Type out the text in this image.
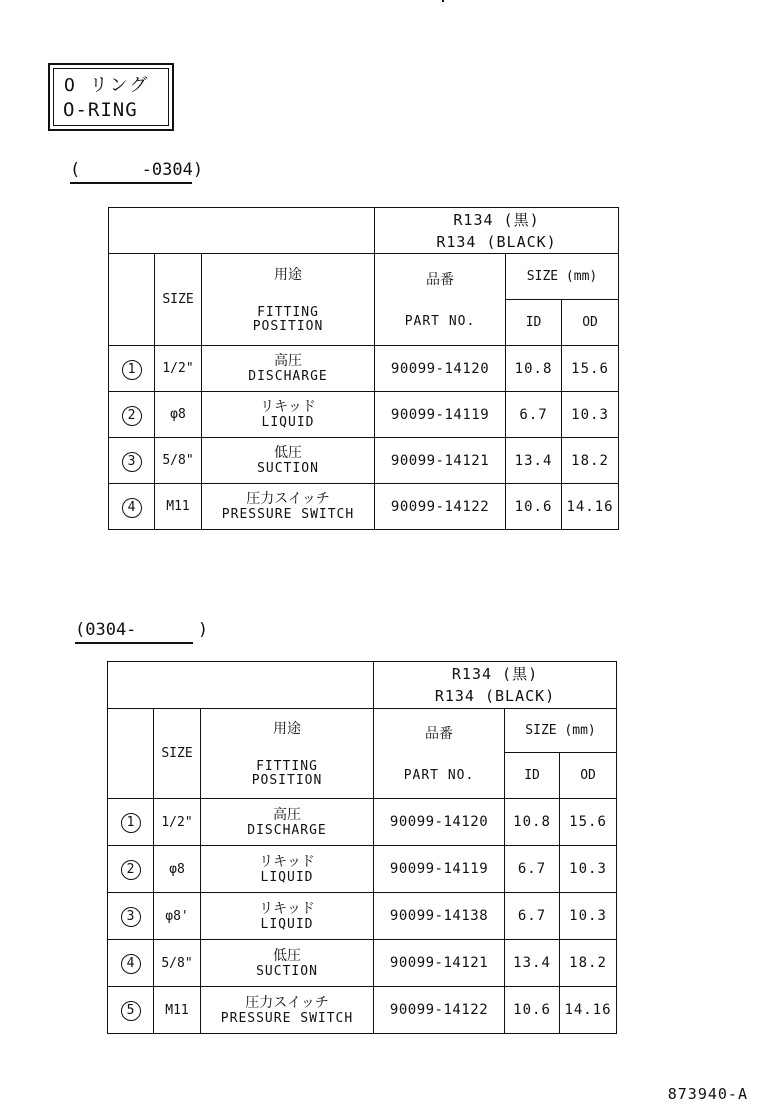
O リング
O-RING
(      -0304)

			R134 (黒)
R134 (BLACK)		

	SIZE	用途
FITTING
POSITION	品番
PART NO.	SIZE (mm)	
				ID	OD
1	1/2"	高圧
DISCHARGE	90099-14120	10.8	15.6
2	φ8	リキッド
LIQUID	90099-14119	6.7	10.3
3	5/8"	低圧
SUCTION	90099-14121	13.4	18.2
4	M11	圧力スイッチ
PRESSURE SWITCH	90099-14122	10.6	14.16
(0304-      )

			R134 (黒)
R134 (BLACK)		

	SIZE	用途
FITTING
POSITION	品番
PART NO.	SIZE (mm)	
				ID	OD
1	1/2"	高圧
DISCHARGE	90099-14120	10.8	15.6
2	φ8	リキッド
LIQUID	90099-14119	6.7	10.3
3	φ8'	リキッド
LIQUID	90099-14138	6.7	10.3
4	5/8"	低圧
SUCTION	90099-14121	13.4	18.2
5	M11	圧力スイッチ
PRESSURE SWITCH	90099-14122	10.6	14.16
873940-A
